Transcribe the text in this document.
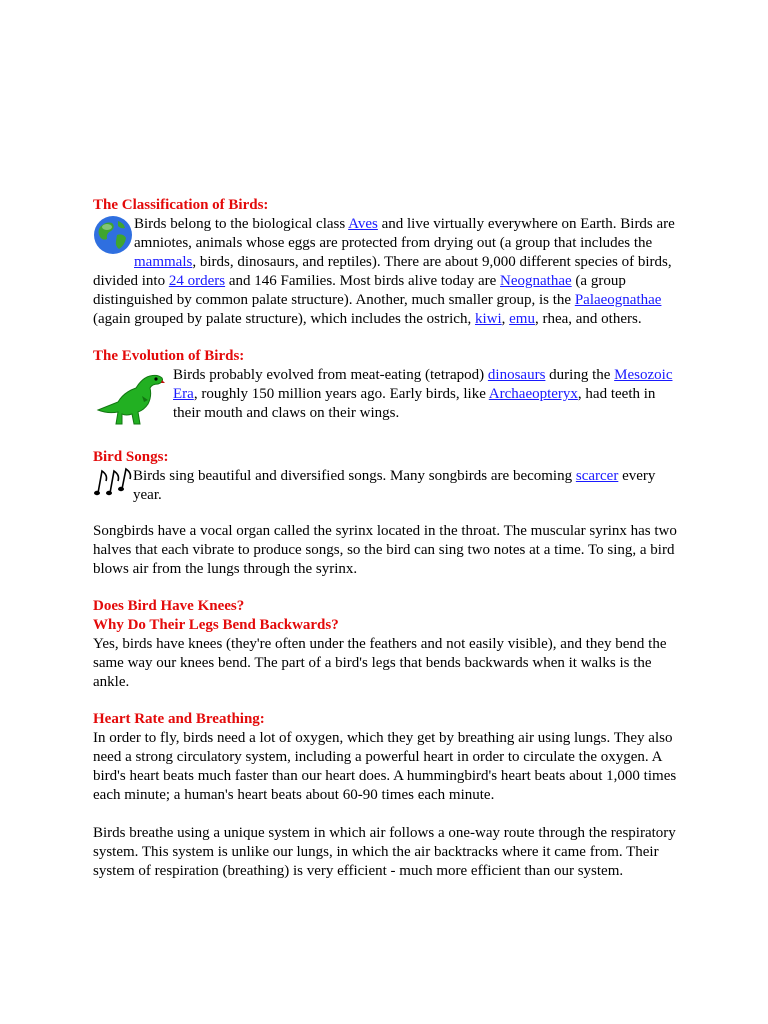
The Classification of Birds:

Birds belong to the biological class Aves and live virtually everywhere on Earth. Birds are amniotes, animals whose eggs are protected from drying out (a group that includes the mammals, birds, dinosaurs, and reptiles). There are about 9,000 different species of birds, divided into 24 orders and 146 Families. Most birds alive today are Neognathae (a group distinguished by common palate structure). Another, much smaller group, is the Palaeognathae (again grouped by palate structure), which includes the ostrich, kiwi, emu, rhea, and others.

The Evolution of Birds:

Birds probably evolved from meat-eating (tetrapod) dinosaurs during the Mesozoic Era, roughly 150 million years ago. Early birds, like Archaeopteryx, had teeth in their mouth and claws on their wings.

Bird Songs:

Birds sing beautiful and diversified songs. Many songbirds are becoming scarcer every year.

Songbirds have a vocal organ called the syrinx located in the throat. The muscular syrinx has two halves that each vibrate to produce songs, so the bird can sing two notes at a time. To sing, a bird blows air from the lungs through the syrinx.

Does Bird Have Knees?
Why Do Their Legs Bend Backwards?

Yes, birds have knees (they're often under the feathers and not easily visible), and they bend the same way our knees bend. The part of a bird's legs that bends backwards when it walks is the ankle.

Heart Rate and Breathing:

In order to fly, birds need a lot of oxygen, which they get by breathing air using lungs. They also need a strong circulatory system, including a powerful heart in order to circulate the oxygen. A bird's heart beats much faster than our heart does. A hummingbird's heart beats about 1,000 times each minute; a human's heart beats about 60-90 times each minute.

Birds breathe using a unique system in which air follows a one-way route through the respiratory system. This system is unlike our lungs, in which the air backtracks where it came from. Their system of respiration (breathing) is very efficient - much more efficient than our system.
